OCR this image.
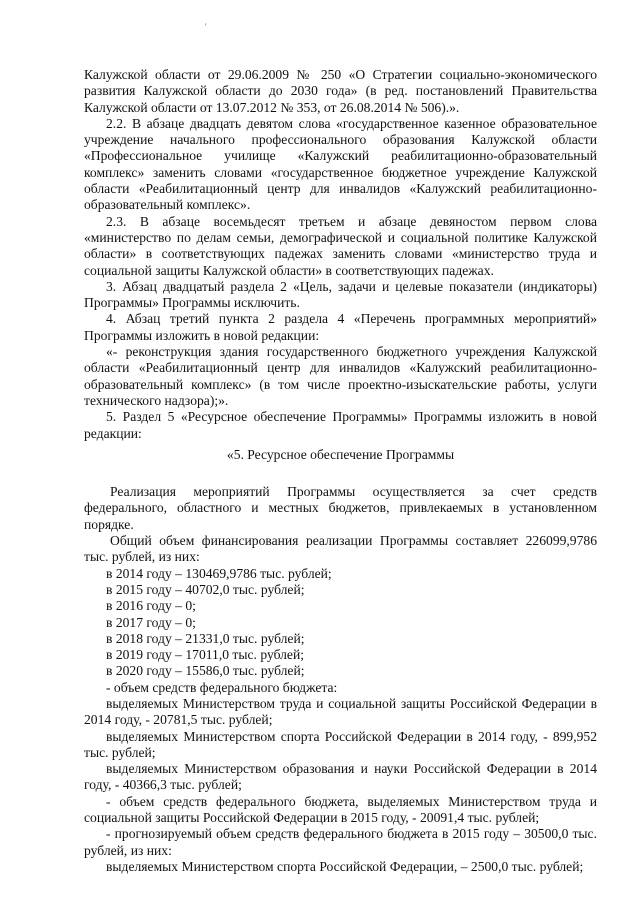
'

Калужской области от 29.06.2009 № 250 «О Стратегии социально-экономического развития Калужской области до 2030 года» (в ред. постановлений Правительства Калужской области от 13.07.2012 № 353, от 26.08.2014 № 506).».

2.2. В абзаце двадцать девятом слова «государственное казенное образовательное учреждение начального профессионального образования Калужской области «Профессиональное училище «Калужский реабилитационно-образовательный комплекс» заменить словами «государственное бюджетное учреждение Калужской области «Реабилитационный центр для инвалидов «Калужский реабилитационно-образовательный комплекс».

2.3. В абзаце восемьдесят третьем и абзаце девяностом первом слова «министерство по делам семьи, демографической и социальной политике Калужской области» в соответствующих падежах заменить словами «министерство труда и социальной защиты Калужской области» в соответствующих падежах.

3. Абзац двадцатый раздела 2 «Цель, задачи и целевые показатели (индикаторы) Программы» Программы исключить.

4. Абзац третий пункта 2 раздела 4 «Перечень программных мероприятий» Программы изложить в новой редакции:

«- реконструкция здания государственного бюджетного учреждения Калужской области «Реабилитационный центр для инвалидов «Калужский реабилитационно-образовательный комплекс» (в том числе проектно-изыскательские работы, услуги технического надзора);».

5. Раздел 5 «Ресурсное обеспечение Программы» Программы изложить в новой редакции:

«5. Ресурсное обеспечение Программы

Реализация мероприятий Программы осуществляется за счет средств федерального, областного и местных бюджетов, привлекаемых в установленном порядке.

Общий объем финансирования реализации Программы составляет 226099,9786 тыс. рублей, из них:

в 2014 году – 130469,9786 тыс. рублей;

в 2015 году – 40702,0 тыс. рублей;

в 2016 году – 0;

в 2017 году – 0;

в 2018 году – 21331,0 тыс. рублей;

в 2019 году – 17011,0 тыс. рублей;

в 2020 году – 15586,0 тыс. рублей;

- объем средств федерального бюджета:

выделяемых Министерством труда и социальной защиты Российской Федерации в 2014 году, - 20781,5 тыс. рублей;

выделяемых Министерством спорта Российской Федерации в 2014 году, - 899,952 тыс. рублей;

выделяемых Министерством образования и науки Российской Федерации в 2014 году, - 40366,3 тыс. рублей;

- объем средств федерального бюджета, выделяемых Министерством труда и социальной защиты Российской Федерации в 2015 году, - 20091,4 тыс. рублей;

- прогнозируемый объем средств федерального бюджета в 2015 году – 30500,0 тыс. рублей, из них:

выделяемых Министерством спорта Российской Федерации, – 2500,0 тыс. рублей;
